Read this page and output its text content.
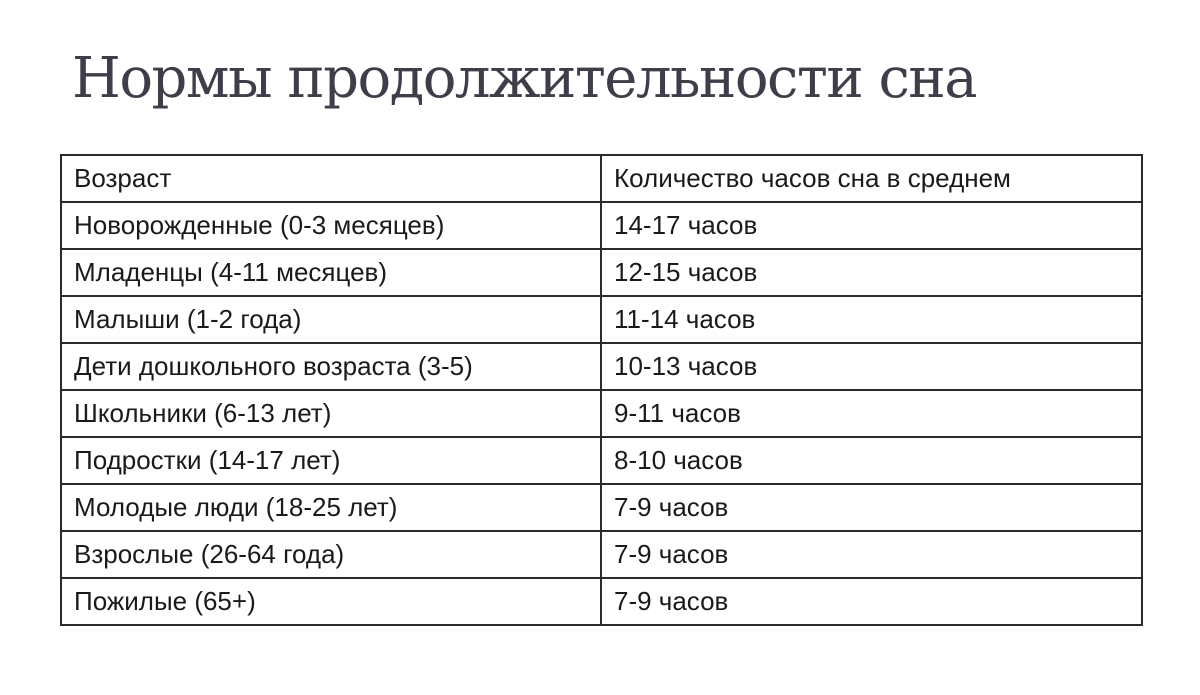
Нормы продолжительности сна
Возраст	Количество часов сна в среднем
Новорожденные (0-3 месяцев)	14-17 часов
Младенцы (4-11 месяцев)	12-15 часов
Малыши (1-2 года)	11-14 часов
Дети дошкольного возраста (3-5)	10-13 часов
Школьники (6-13 лет)	9-11 часов
Подростки (14-17 лет)	8-10 часов
Молодые люди (18-25 лет)	7-9 часов
Взрослые (26-64 года)	7-9 часов
Пожилые (65+)	7-9 часов
